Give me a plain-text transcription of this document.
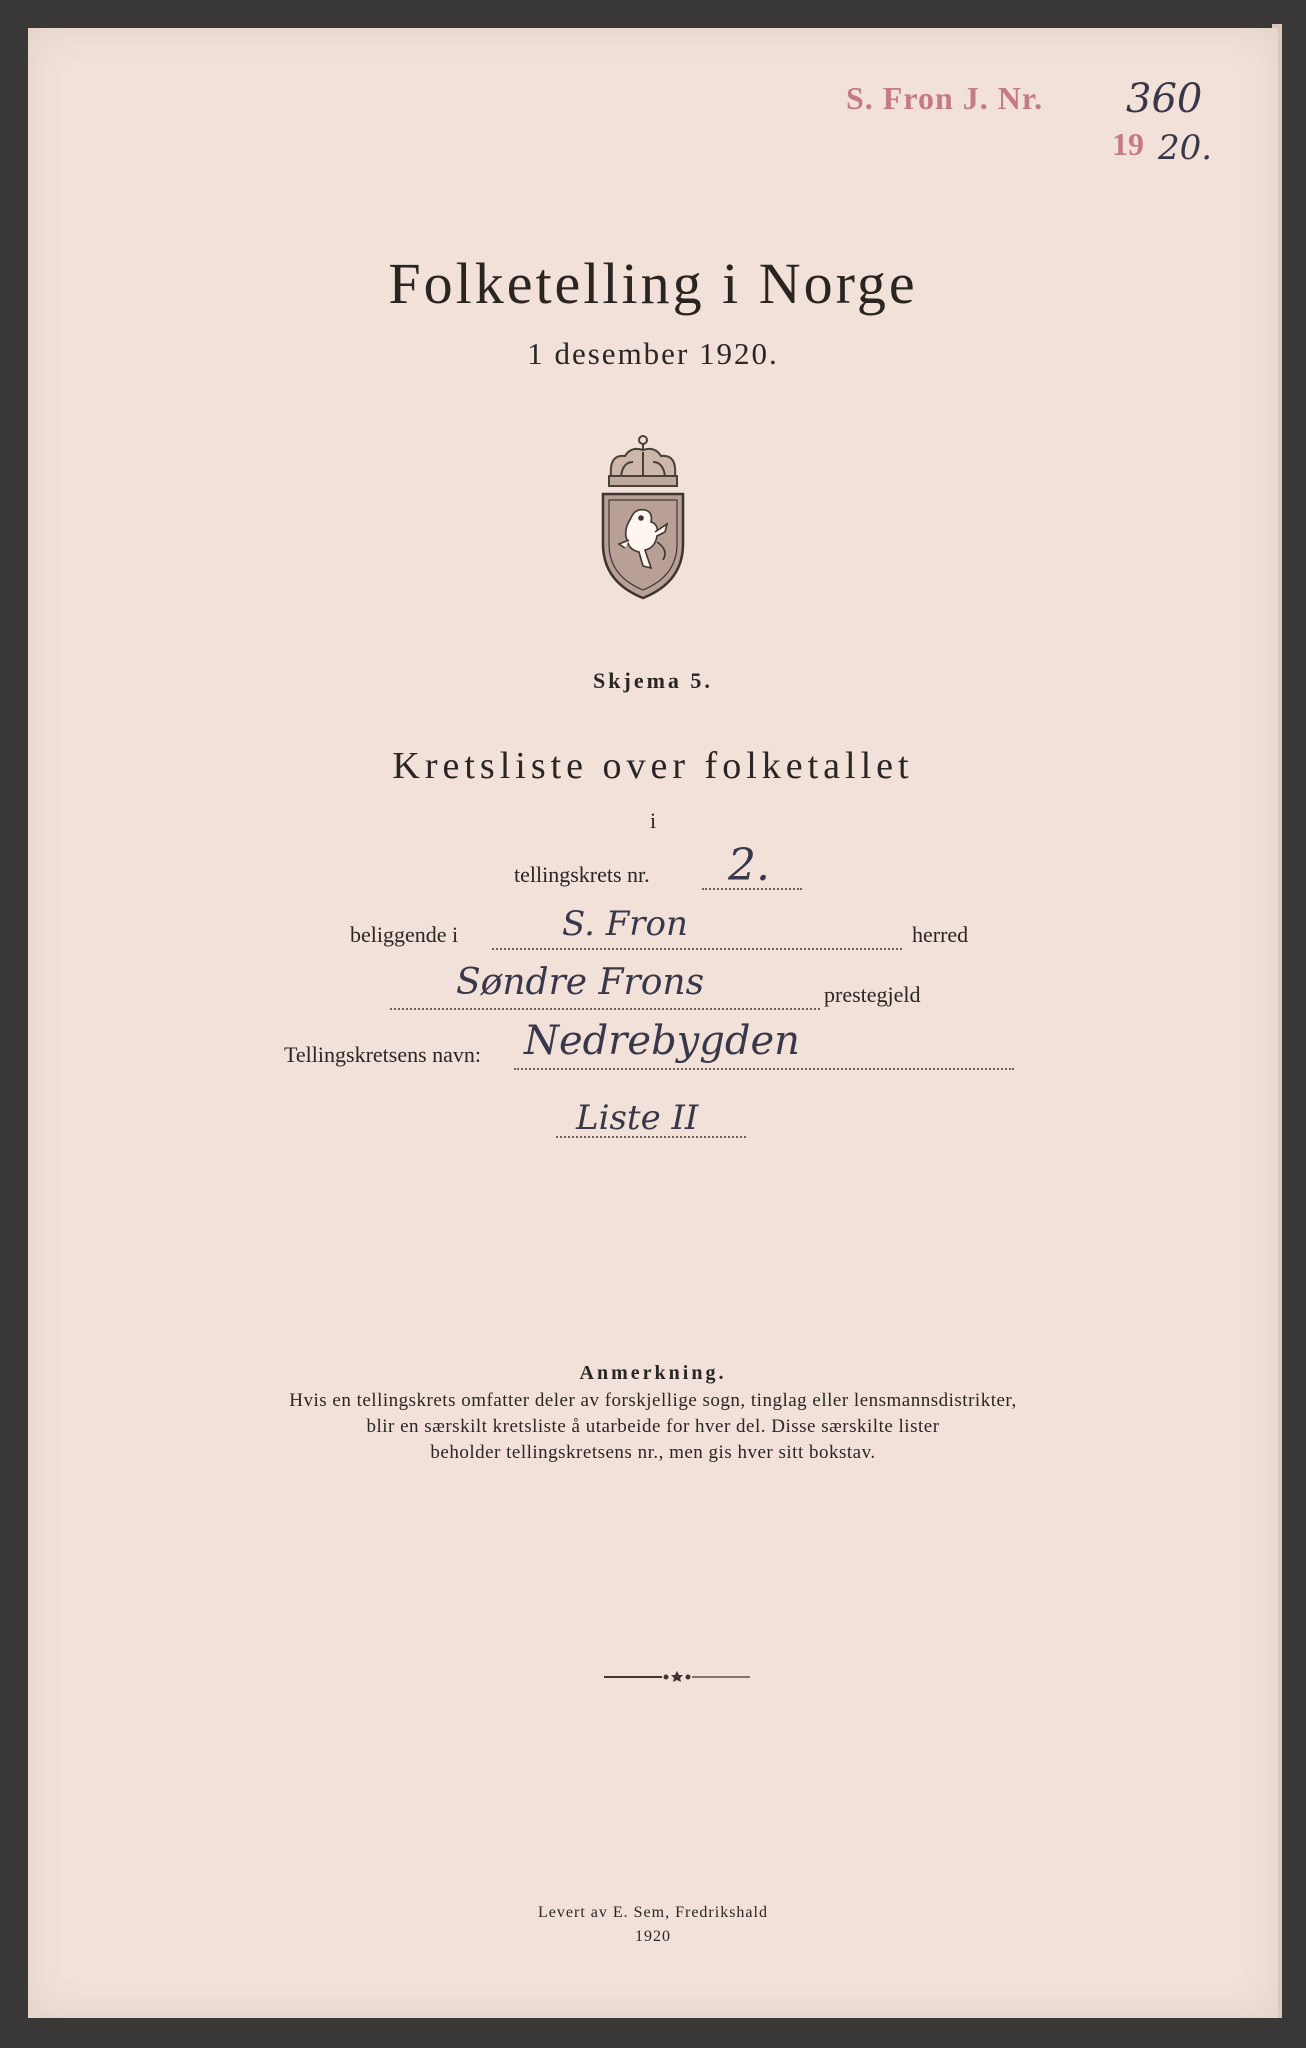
S. Fron J. Nr. 360
19 20.
Folketelling i Norge
1 desember 1920.
Skjema 5.
Kretsliste over folketallet
i
tellingskrets nr. 2.
beliggende i	S. Fron	herred
Søndre Frons	prestegjeld
Tellingskretsens navn: Nedrebygden
Liste II
Anmerkning.
Hvis en tellingskrets omfatter deler av forskjellige sogn, tinglag eller lensmannsdistrikter,
blir en særskilt kretsliste å utarbeide for hver del. Disse særskilte lister
beholder tellingskretsens nr., men gis hver sitt bokstav.
Levert av E. Sem, Fredrikshald
1920
